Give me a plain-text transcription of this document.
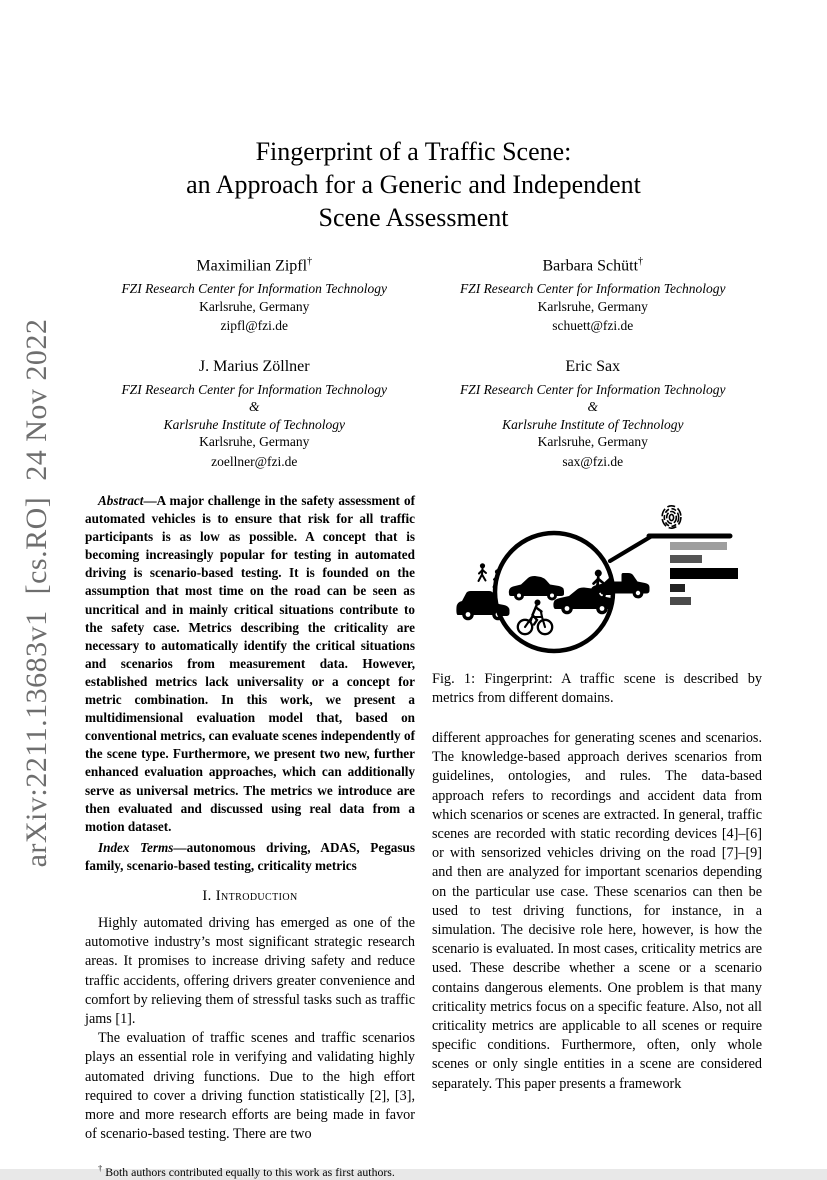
arXiv:2211.13683v1  [cs.RO]  24 Nov 2022
Fingerprint of a Traffic Scene:
an Approach for a Generic and Independent
Scene Assessment
Maximilian Zipfl†
FZI Research Center for Information Technology
Karlsruhe, Germany
zipfl@fzi.de
Barbara Schütt†
FZI Research Center for Information Technology
Karlsruhe, Germany
schuett@fzi.de
J. Marius Zöllner
FZI Research Center for Information Technology
&
Karlsruhe Institute of Technology
Karlsruhe, Germany
zoellner@fzi.de
Eric Sax
FZI Research Center for Information Technology
&
Karlsruhe Institute of Technology
Karlsruhe, Germany
sax@fzi.de

Abstract—A major challenge in the safety assessment of automated vehicles is to ensure that risk for all traffic participants is as low as possible. A concept that is becoming increasingly popular for testing in automated driving is scenario-based testing. It is founded on the assumption that most time on the road can be seen as uncritical and in mainly critical situations contribute to the safety case. Metrics describing the criticality are necessary to automatically identify the critical situations and scenarios from measurement data. However, established metrics lack universality or a concept for metric combination. In this work, we present a multidimensional evaluation model that, based on conventional metrics, can evaluate scenes independently of the scene type. Furthermore, we present two new, further enhanced evaluation approaches, which can additionally serve as universal metrics. The metrics we introduce are then evaluated and discussed using real data from a motion dataset.

Index Terms—autonomous driving, ADAS, Pegasus family, scenario-based testing, criticality metrics

I. Introduction

Highly automated driving has emerged as one of the automotive industry’s most significant strategic research areas. It promises to increase driving safety and reduce traffic accidents, offering drivers greater convenience and comfort by relieving them of stressful tasks such as traffic jams [1].

The evaluation of traffic scenes and traffic scenarios plays an essential role in verifying and validating highly automated driving functions. Due to the high effort required to cover a driving function statistically [2], [3], more and more research efforts are being made in favor of scenario-based testing. There are two

† Both authors contributed equally to this work as first authors.

Fig. 1: Fingerprint: A traffic scene is described by metrics from different domains.

different approaches for generating scenes and scenarios. The knowledge-based approach derives scenarios from guidelines, ontologies, and rules. The data-based approach refers to recordings and accident data from which scenarios or scenes are extracted. In general, traffic scenes are recorded with static recording devices [4]–[6] or with sensorized vehicles driving on the road [7]–[9] and then are analyzed for important scenarios depending on the particular use case. These scenarios can then be used to test driving functions, for instance, in a simulation. The decisive role here, however, is how the scenario is evaluated. In most cases, criticality metrics are used. These describe whether a scene or a scenario contains dangerous elements. One problem is that many criticality metrics focus on a specific feature. Also, not all criticality metrics are applicable to all scenes or require specific conditions. Furthermore, often, only whole scenes or only single entities in a scene are considered separately. This paper presents a framework
